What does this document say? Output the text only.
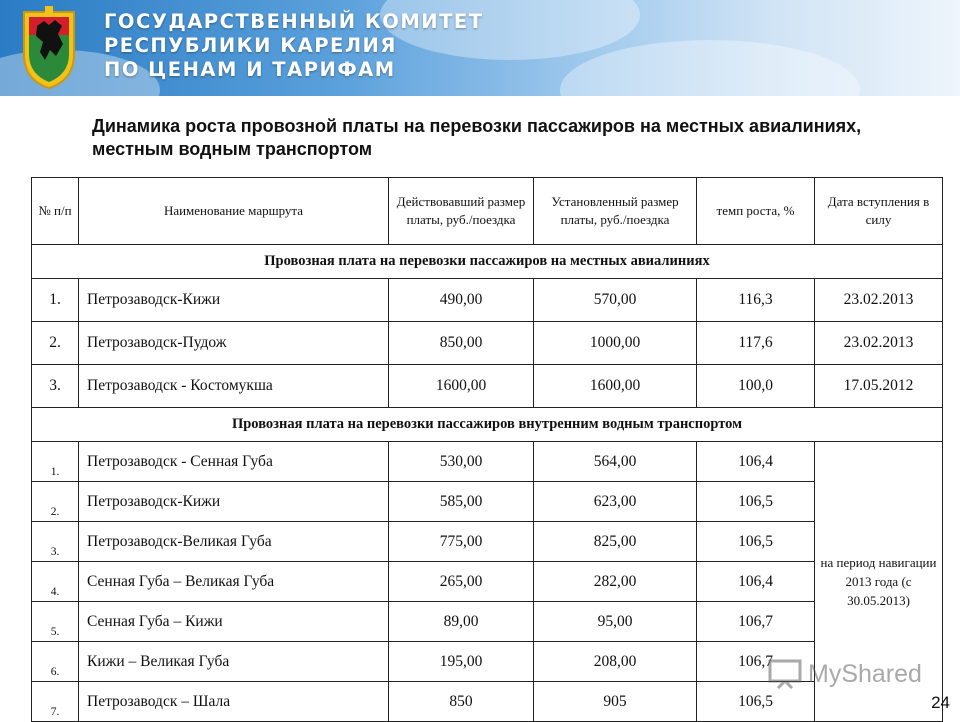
ГОСУДАРСТВЕННЫЙ КОМИТЕТ
РЕСПУБЛИКИ КАРЕЛИЯ
ПО ЦЕНАМ И ТАРИФАМ
Динамика роста провозной платы на перевозки пассажиров на местных авиалиниях, местным водным транспортом
№ п/п	Наименование маршрута	Действовавший размер платы, руб./поездка	Установленный размер платы, руб./поездка	темп роста, %	Дата вступления в силу
Провозная плата на перевозки пассажиров на местных авиалиниях					
1.	Петрозаводск-Кижи	490,00	570,00	116,3	23.02.2013
2.	Петрозаводск-Пудож	850,00	1000,00	117,6	23.02.2013
3.	Петрозаводск - Костомукша	1600,00	1600,00	100,0	17.05.2012
Провозная плата на перевозки пассажиров внутренним водным транспортом					
1.	Петрозаводск - Сенная Губа	530,00	564,00	106,4	на период навигации 2013 года (с 30.05.2013)
2.	Петрозаводск-Кижи	585,00	623,00	106,5	
3.	Петрозаводск-Великая Губа	775,00	825,00	106,5	
4.	Сенная Губа – Великая Губа	265,00	282,00	106,4	
5.	Сенная Губа – Кижи	89,00	95,00	106,7	
6.	Кижи – Великая Губа	195,00	208,00	106,7	
7.	Петрозаводск – Шала	850	905	106,5	
MyShared
24
